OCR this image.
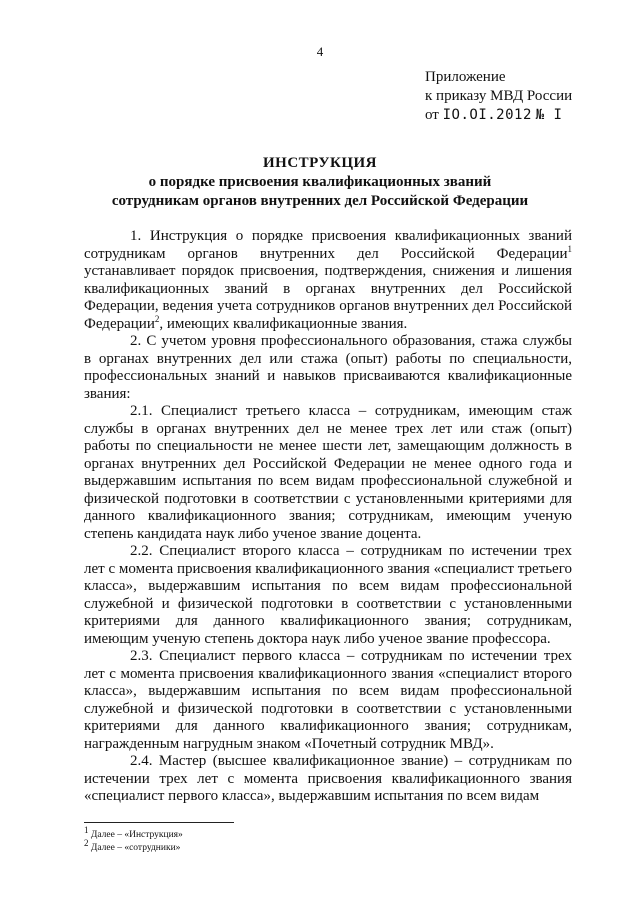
4
Приложение
к приказу МВД России
от IO.OI.2012 № I
ИНСТРУКЦИЯ
о порядке присвоения квалификационных званий
сотрудникам органов внутренних дел Российской Федерации

1. Инструкция о порядке присвоения квалификационных званий сотрудникам органов внутренних дел Российской Федерации$^1$ устанавливает порядок присвоения, подтверждения, снижения и лишения квалификационных званий в органах внутренних дел Российской Федерации, ведения учета сотрудников органов внутренних дел Российской Федерации$^2$, имеющих квалификационные звания.

2. С учетом уровня профессионального образования, стажа службы в органах внутренних дел или стажа (опыт) работы по специальности, профессиональных знаний и навыков присваиваются квалификационные звания:

2.1. Специалист третьего класса – сотрудникам, имеющим стаж службы в органах внутренних дел не менее трех лет или стаж (опыт) работы по специальности не менее шести лет, замещающим должность в органах внутренних дел Российской Федерации не менее одного года и выдержавшим испытания по всем видам профессиональной служебной и физической подготовки в соответствии с установленными критериями для данного квалификационного звания; сотрудникам, имеющим ученую степень кандидата наук либо ученое звание доцента.

2.2. Специалист второго класса – сотрудникам по истечении трех лет с момента присвоения квалификационного звания «специалист третьего класса», выдержавшим испытания по всем видам профессиональной служебной и физической подготовки в соответствии с установленными критериями для данного квалификационного звания; сотрудникам, имеющим ученую степень доктора наук либо ученое звание профессора.

2.3. Специалист первого класса – сотрудникам по истечении трех лет с момента присвоения квалификационного звания «специалист второго класса», выдержавшим испытания по всем видам профессиональной служебной и физической подготовки в соответствии с установленными критериями для данного квалификационного звания; сотрудникам, награжденным нагрудным знаком «Почетный сотрудник МВД».

2.4. Мастер (высшее квалификационное звание) – сотрудникам по истечении трех лет с момента присвоения квалификационного звания «специалист первого класса», выдержавшим испытания по всем видам

$^1$ Далее – «Инструкция»
$^2$ Далее – «сотрудники»
